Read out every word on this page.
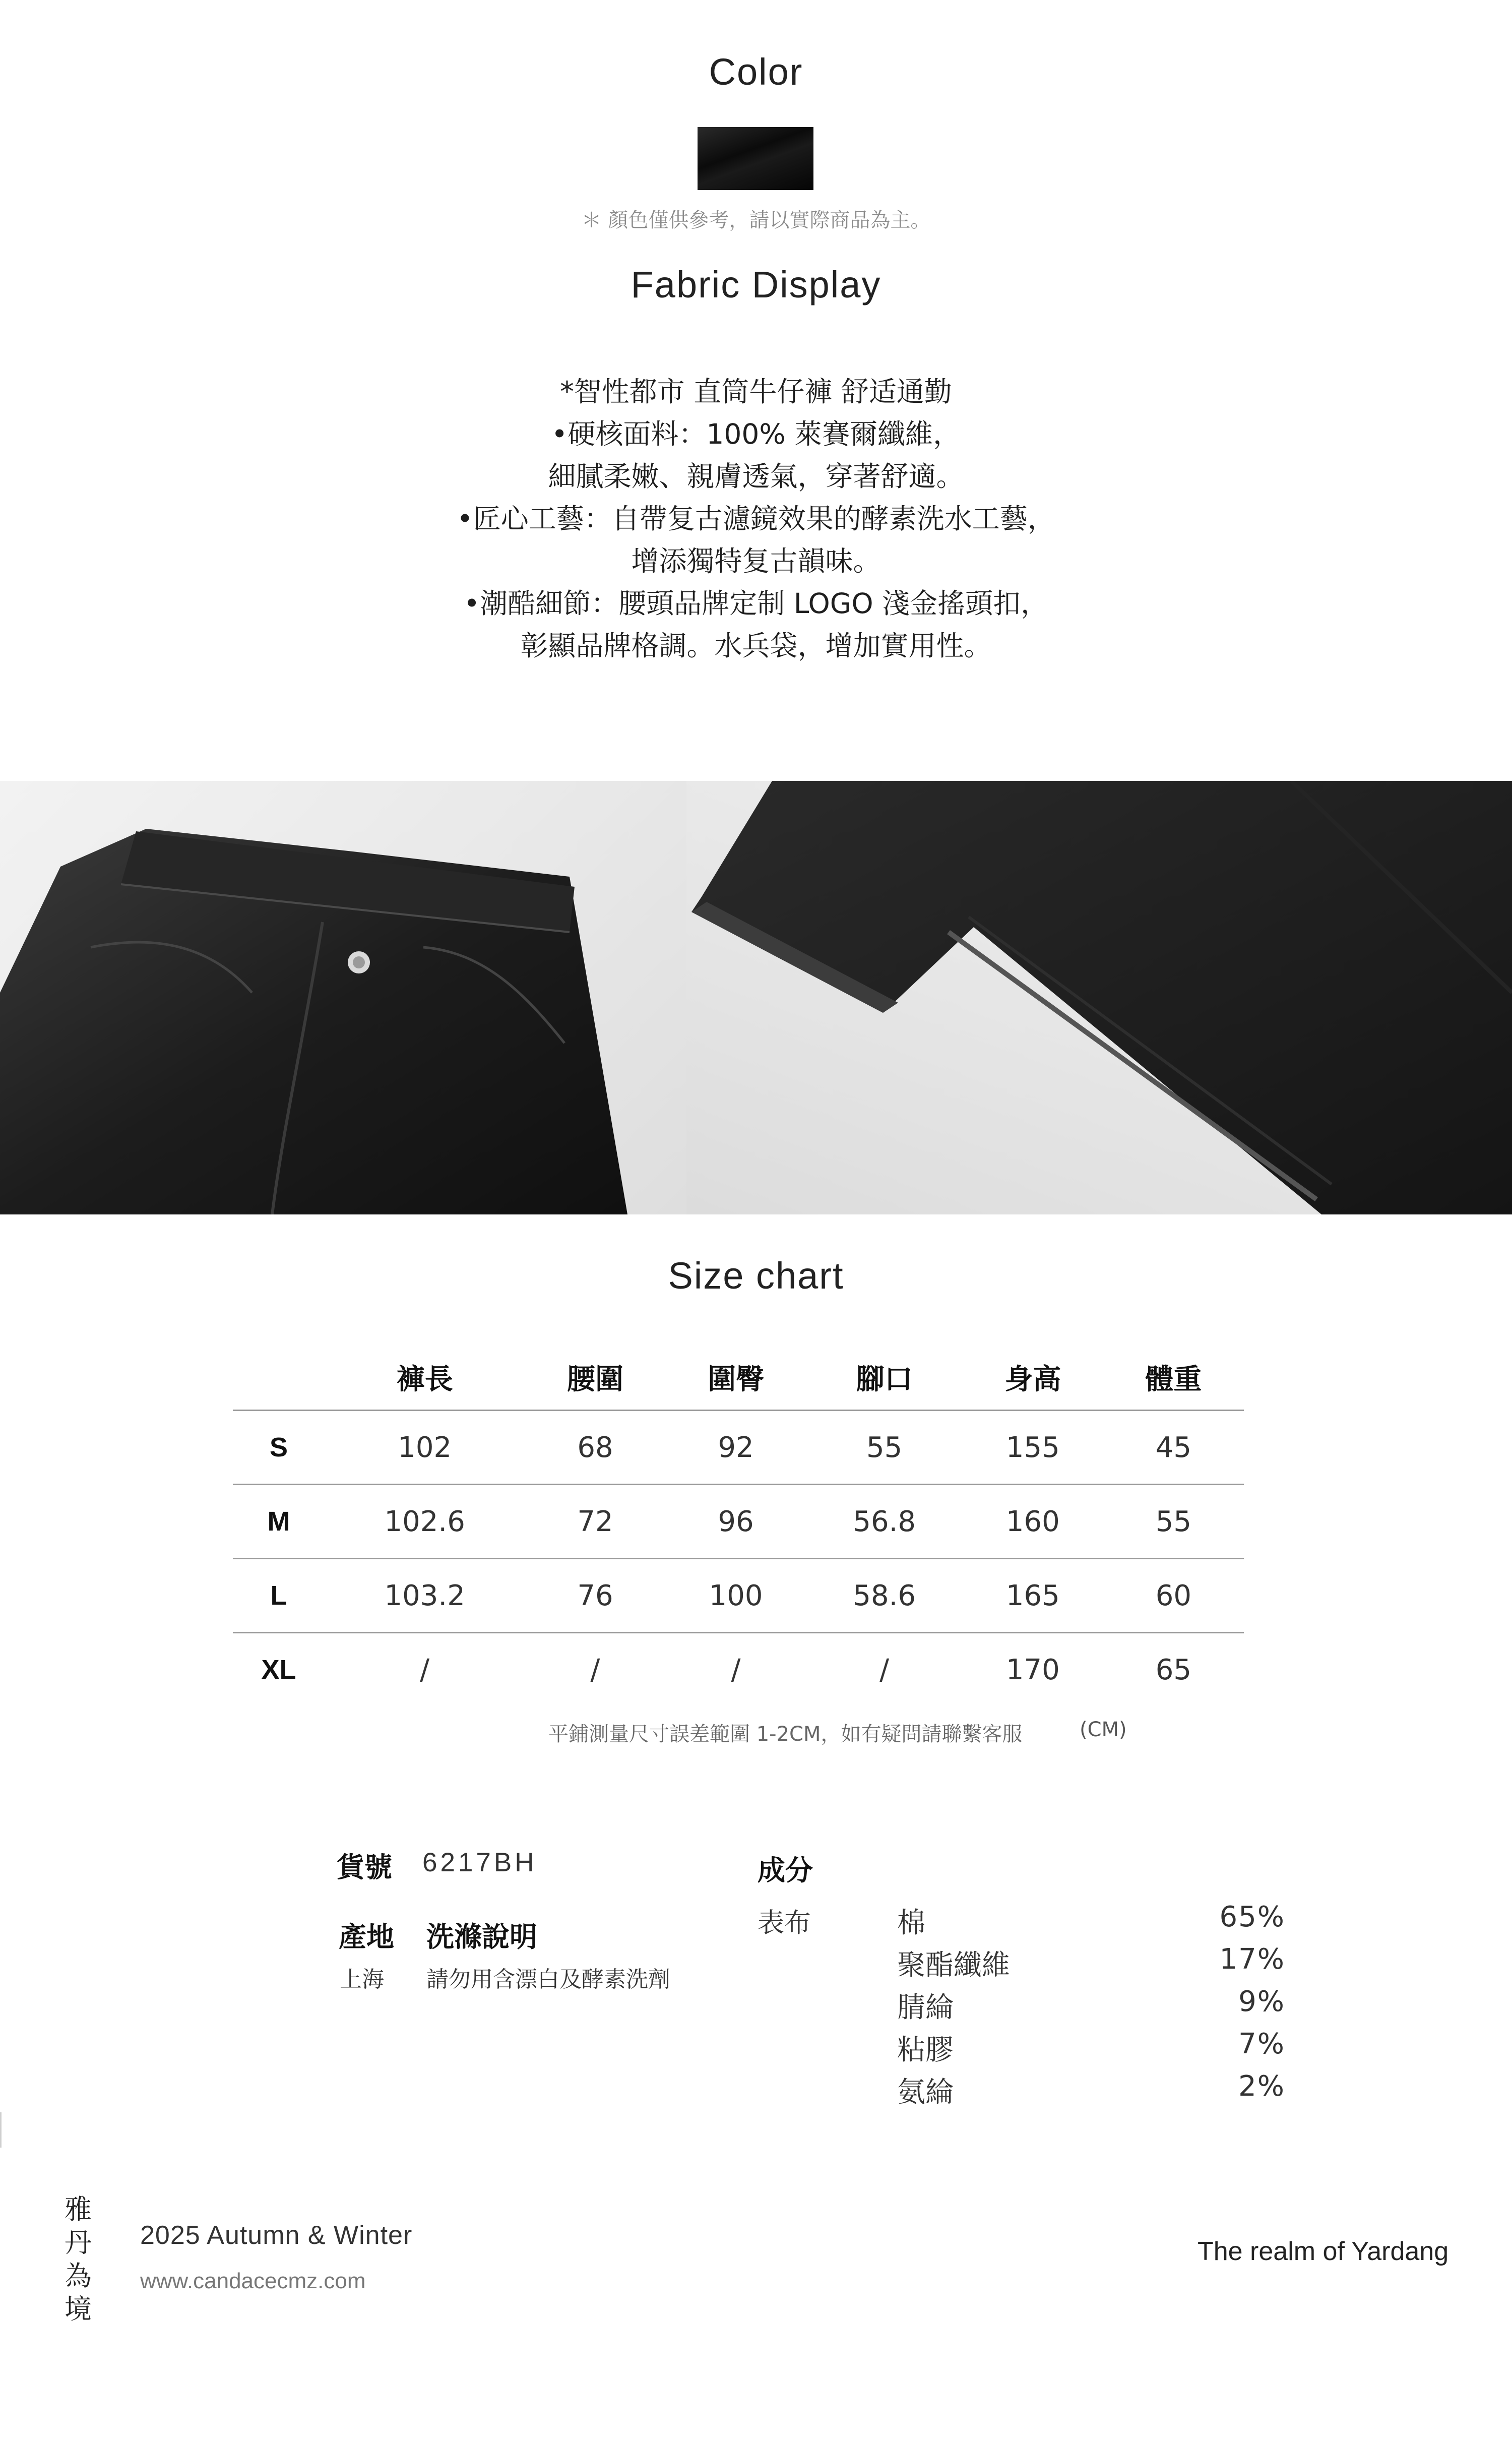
Color
＊ 顏色僅供參考，請以實際商品為主。
Fabric Display
*智性都市 直筒牛仔褲 舒适通勤
•硬核面料：100% 萊賽爾纖維，
細膩柔嫩、親膚透氣，穿著舒適。
•匠心工藝：自帶复古濾鏡效果的酵素洗水工藝，
增添獨特复古韻味。
•潮酷細節：腰頭品牌定制 LOGO 淺金搖頭扣，
彰顯品牌格調。水兵袋，增加實用性。
Size chart
	褲長	腰圍	圍臀	腳口	身高	體重
S	102	68	92	55	155	45
M	102.6	72	96	56.8	160	55
L	103.2	76	100	58.6	165	60
XL	/	/	/	/	170	65
平鋪測量尺寸誤差範圍 1-2CM，如有疑問請聯繫客服	(CM)
貨號 6217BH
產地 洗滌說明
上海 請勿用含漂白及酵素洗劑
成分
表布	棉	65%
聚酯纖維	17%
腈綸	9%
粘膠	7%
氨綸	2%
雅
丹
為
境
2025 Autumn & Winter
www.candacecmz.com
The realm of Yardang
